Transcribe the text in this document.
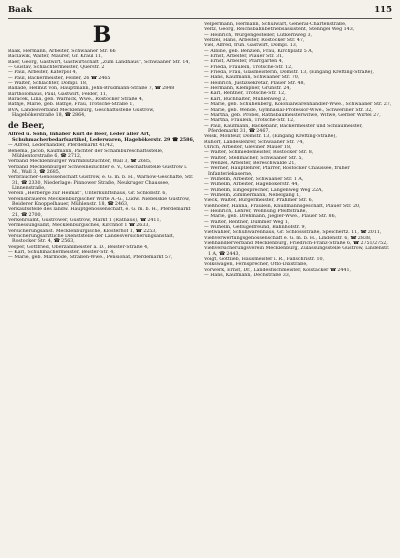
Baak	115
B

Baak, Hermann, Arbeiter, Schwaaner Str. 66

Baclawik, Walter, Maurer, Gr. Kraul 11,

Baer, Georg, Gastwirt, Gastwirtschaft „Zum Landhaus“, Schwaaner Str. 14,

— Gustav, Schlachtermeister, Querstr. 2

— Paul, Arbeiter, Katerpol 4,

— Paul, Bäckermeister, Felder, 26 ☎ 2465

— Walter, Schlachter, Dompl. 18,

Ballade, Helmut von, Hauptmann, Jehn-Brudmann-Straße 7, ☎ 2848

Bartholomäus, Paul, Gastwirt, Felder, 11,

Baracek, Lina, geb. Warnick, Wwe., Rostocker Straße 4,

Bathje, Marie, geb. Bathje, Frau, Trotsche-Straße 1,

BVA, Landesverband Mecklenburg, Geschäftsstelle Güstrow, Hagebökerstraße 18, ☎ 2864,

de Beer,

Alfred u. Sohn, Inhaber Kurt de Beer, Leder aller Art, Schuhmacherbedarfsartikel, Lederwaren, Hagebökerstr. 29 ☎ 2586,

— Alfred, Lederhändler, Pferdemarkt 41/42,

Benema, Jacob, Kaufmann, Pächter der Schambureschäftsstelle, Mühlentorstraße 6, ☎ 2712,

Verband Mecklenburger Warmblutzüchter, Wall 3, ☎ 2685,

Verband Mecklenburger Schweinezüchter e. V., Geschäftsstelle Güstrow i. M., Wall 3, ☎ 2685,

Verbraucher-Genossenschaft Güstrow, e. G. m. b. H., Warnow-Geschäfte, Str. 31, ☎ 2330, Niederlage: Pinnower Straße, Neukruger Chaussee, Linnenstraße,

Verein „Herberge zur Heimat“, Unterkunftshaus, Gr. Schloßstr. 6,

Vereinsbrauerei Mecklenburgischer Wirte A.-G., Ludw. Niebelskie Güstrow, Beiderer Knoppelhauer, Mühlenstr. 18, ☎ 2463,

Verkaufsstelle des landw. Hauptgenossenschaft, e. G. m. b. H., Pferdemarkt 21, ☎ 2700,

Verkehrsamt, Güstrower, Güstrow, Markt 1 (Rathaus), ☎ 2411,

Vermessungsamt, Mecklenburgisches, Kirchhof 1 ☎ 2633,

Versicherungsanst. Mecklenburgische, Klosterhof 1, ☎ 2253,

Versicherungsärztliche Dienststelle der Landesversicherungsanstalt, Rostocker Str. 4, ☎ 2563,

Vesper, Gottfried, Oberzahlmeister a. D., Beister-Straße 4,

— Karl, Schuhmachermeister, Beister-Str. 4,

— Marie, geb. Marmode, Straßen-Wwe., Pensionat, Pferdemarkt 57,

Velpermann, Hermann, Schulwart, General-Chartenstraße,

Veltz, Georg, Reichsbahnbetriebsassistent, Stenngel Weg 143,

— Heinrich, Würgengesteller, Lütkernweg 3,

Veltzel, Hans, Arbeiter, Rostocker Str. 47,

Viel, Alfred, früh. Gastwirt, Dompl. 13,

— Albine, geb. Benzien, Frau, Kirchplatz 5 A,

— Ernst, Arbeiter, Plauer Str. 31,

— Ernst, Arbeiter, Pfarrgarten 4,

— Frieda, Fräulein, Trotsche-Str. 12,

— Frieda, Frau, Glasmeisterin, Domstr. 13, (Eingang Krefting-Straße),

— Hans, Kaufmann, Schwaaner Str. 70,

— Heinrich, Justizsekretär, Plauer Str. 48,

— Hermann, Klempner, Grünstr. 24,

— Karl, Rentner, Trotsche-Str. 12,

— Karl, Buchhalter, Mühlenweg 2,

— Marie, geb. Schuhenberg, Kolonialwarenhändler-Wwe., Schwaaner Str. 27,

— Marie, geb. Wende, Gymnasial-Professor-Wwe., Schweriner Str. 32,

— Martha, geb. Pröbel, Rathsbaumeisterwitwe, Witwe, Gerber Wirtel 27,

— Martha, Fräulein, Trotsche-Str. 12,

— Paul, Kaufmann, Bäckebahr, Bäckermeister und Schlaumeister, Pferdemarkt 31, ☎ 2467,

Veisk, Monteur, Domstr. 13, (Eingang Krefting-Straße),

Ruhorf, Landeslehrer, Schwaaner Str. 74,

Ulrich, Arbeiter, Gleviner Mauer 18,

— Walter, Schmiedemeister, Rostocker Str. 8,

— Walter, Stellmacher, Schwaaner Str. 5,

— Wenzel, Arbeiter, Bereschwalde 21,

— Werner, Hauptlehrer, Pfarrer, Rostocker Chaussee, früher Infanteriekaserne,

— Wilhelm, Arbeiter, Schwaaner Str. 1 A,

— Wilhelm, Arbeiter, Hagebökerstr. 44,

— Wilhelm, Eingesprecher, Langenweg Weg 22A,

— Wilhelm, Zimmermann, Nebelgang 1,

Vieck, Walter, Bürgermeister, Prahmer Str. 6,

Vießhöder, Hanna, Fräulein, Knüllmannsgeschäft, Plauer Str. 20,

— Heinrich, Lehrer, Wohnung Pfeiffstraße,

— Marie, geb. Drehmann, Jiegler-Wwe., Plauer Str. 86,

— Walter, Rentner, Dummer Weg 1,

— Wilhelm, Geflügelfreund, Bahnhofstr. 9,

Vietwähler, Schuhwarenhaus, Gr. Schlossstraße, Speichertz. 11, ☎ 2011,

Viehverwertungsgenossenschaft e. G. m. b. H., Lindenstr. 6, ☎ 2838,

Viehhändlerverband Mecklenburg, Friedrich-Franz-Straße 6, ☎ 2751/2752,

Viehversicherungsverein Mecklenburg, Zulassungsstelle Güstrow, Lindenstr. 1 A, ☎ 2443,

Voigt, Gottlieb, Hausmeister i. R., Fallschristr. 10,

Volkswagen, Fernsprecher, Otto-Dixstraße,

Vorwerk, Ernst, Dr., Landesfischmeister, Kolstäcker ☎ 2441,

— Hans, Kaufmann, Dechstraße 33,
